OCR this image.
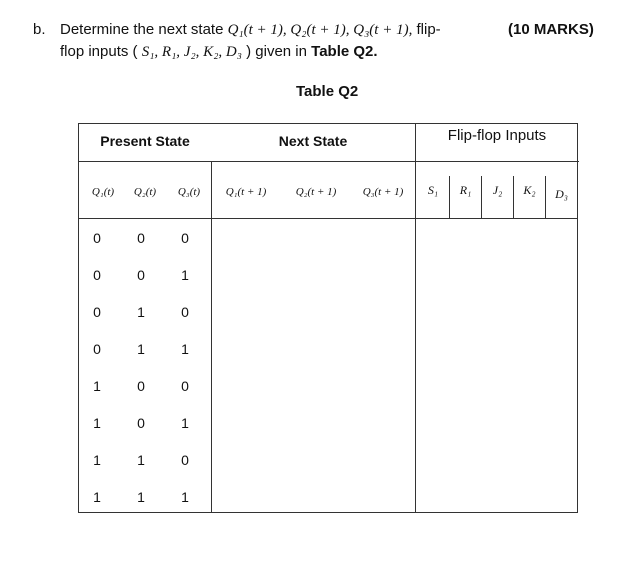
b. Determine the next state Q₁(t + 1), Q₂(t + 1), Q₃(t + 1), flip-
flop inputs ( S₁, R₁, J₂, K₂, D₃ ) given in Table Q2.
(10 MARKS)
Table Q2
Present State	Next State	Flip-flop Inputs
Q₁(t)	Q₂(t)	Q₃(t)	Q₁(t + 1)	Q₂(t + 1)	Q₃(t + 1)	S₁	R₁	J₂	K₂	D₃
0	0	0
0	0	1
0	1	0
0	1	1
1	0	0
1	0	1
1	1	0
1	1	1
